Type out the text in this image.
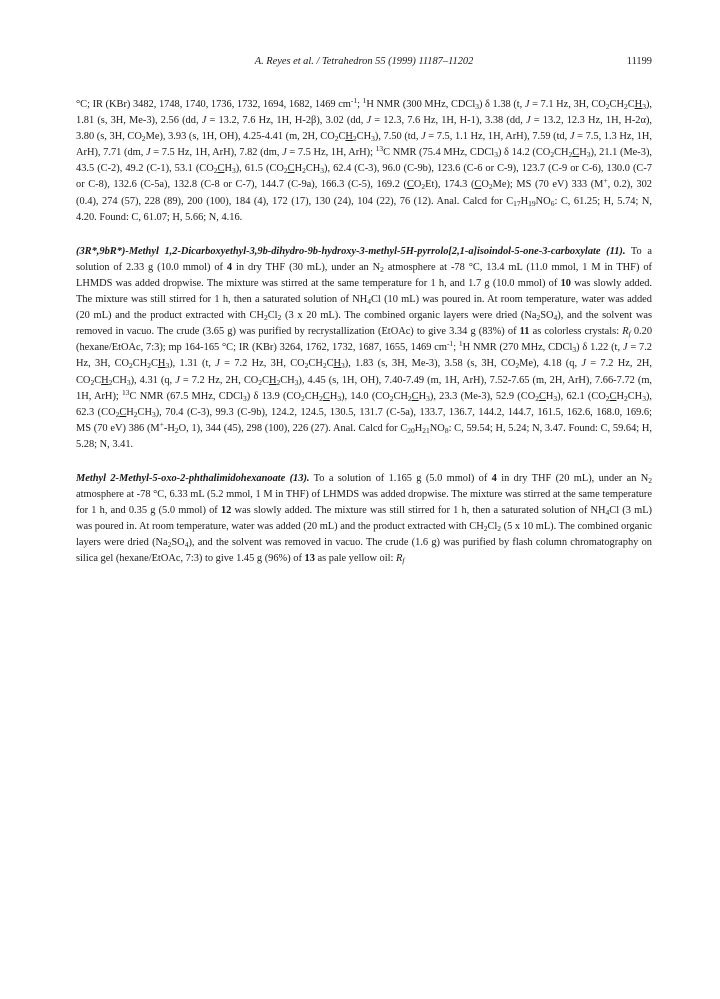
A. Reyes et al. / Tetrahedron 55 (1999) 11187–11202	11199

°C; IR (KBr) 3482, 1748, 1740, 1736, 1732, 1694, 1682, 1469 $cm^{-1}$; $^1$H NMR (300 MHz, CDCl$_3$) δ 1.38 (t, J = 7.1 Hz, 3H, $CO_2CH_2CH_3$), 1.81 (s, 3H, Me-3), 2.56 (dd, J = 13.2, 7.6 Hz, 1H, H-2β), 3.02 (dd, J = 12.3, 7.6 Hz, 1H, H-1), 3.38 (dd, J = 13.2, 12.3 Hz, 1H, H-2α), 3.80 (s, 3H, $CO_2Me$), 3.93 (s, 1H, OH), 4.25-4.41 (m, 2H, $CO_2CH_2CH_3$), 7.50 (td, J = 7.5, 1.1 Hz, 1H, ArH), 7.59 (td, J = 7.5, 1.3 Hz, 1H, ArH), 7.71 (dm, J = 7.5 Hz, 1H, ArH), 7.82 (dm, J = 7.5 Hz, 1H, ArH); $^{13}$C NMR (75.4 MHz, CDCl$_3$) δ 14.2 $(CO_2CH_2CH_3)$, 21.1 (Me-3), 43.5 (C-2), 49.2 (C-1), 53.1 $(CO_2CH_3)$, 61.5 $(CO_2CH_2CH_3)$, 62.4 (C-3), 96.0 (C-9b), 123.6 (C-6 or C-9), 123.7 (C-9 or C-6), 130.0 (C-7 or C-8), 132.6 (C-5a), 132.8 (C-8 or C-7), 144.7 (C-9a), 166.3 (C-5), 169.2 $(CO_2Et)$, 174.3 $(CO_2Me)$; MS (70 eV) 333 (M+, 0.2), 302 (0.4), 274 (57), 228 (89), 200 (100), 184 (4), 172 (17), 130 (24), 104 (22), 76 (12). Anal. Calcd for $C_{17}H_{19}NO_6$: C, 61.25; H, 5.74; N, 4.20. Found: C, 61.07; H, 5.66; N, 4.16.

(3R*,9bR*)-Methyl 1,2-Dicarboxyethyl-3,9b-dihydro-9b-hydroxy-3-methyl-5H-pyrrolo[2,1-a]isoindol-5-one-3-carboxylate (11). To a solution of 2.33 g (10.0 mmol) of 4 in dry THF (30 mL), under an $N_2$ atmosphere at -78 °C, 13.4 mL (11.0 mmol, 1 M in THF) of LHMDS was added dropwise. The mixture was stirred at the same temperature for 1 h, and 1.7 g (10.0 mmol) of 10 was slowly added. The mixture was still stirred for 1 h, then a saturated solution of $NH_4Cl$ (10 mL) was poured in. At room temperature, water was added (20 mL) and the product extracted with $CH_2Cl_2$ (3 x 20 mL). The combined organic layers were dried $(Na_2SO_4)$, and the solvent was removed in vacuo. The crude (3.65 g) was purified by recrystallization (EtOAc) to give 3.34 g (83%) of 11 as colorless crystals: $R_f$ 0.20 (hexane/EtOAc, 7:3); mp 164-165 °C; IR (KBr) 3264, 1762, 1732, 1687, 1655, 1469 $cm^{-1}$; $^1$H NMR (270 MHz, CDCl$_3$) δ 1.22 (t, J = 7.2 Hz, 3H, $CO_2CH_2CH_3$), 1.31 (t, J = 7.2 Hz, 3H, $CO_2CH_2CH_3$), 1.83 (s, 3H, Me-3), 3.58 (s, 3H, $CO_2Me$), 4.18 (q, J = 7.2 Hz, 2H, $CO_2CH_2CH_3$), 4.31 (q, J = 7.2 Hz, 2H, $CO_2CH_2CH_3$), 4.45 (s, 1H, OH), 7.40-7.49 (m, 1H, ArH), 7.52-7.65 (m, 2H, ArH), 7.66-7.72 (m, 1H, ArH); $^{13}$C NMR (67.5 MHz, CDCl$_3$) δ 13.9 $(CO_2CH_2CH_3)$, 14.0 $(CO_2CH_2CH_3)$, 23.3 (Me-3), 52.9 $(CO_2CH_3)$, 62.1 $(CO_2CH_2CH_3)$, 62.3 $(CO_2CH_2CH_3)$, 70.4 (C-3), 99.3 (C-9b), 124.2, 124.5, 130.5, 131.7 (C-5a), 133.7, 136.7, 144.2, 144.7, 161.5, 162.6, 168.0, 169.6; MS (70 eV) 386 ($M^+-H_2O$, 1), 344 (45), 298 (100), 226 (27). Anal. Calcd for $C_{20}H_{21}NO_8$: C, 59.54; H, 5.24; N, 3.47. Found: C, 59.64; H, 5.28; N, 3.41.

Methyl 2-Methyl-5-oxo-2-phthalimidohexanoate (13). To a solution of 1.165 g (5.0 mmol) of 4 in dry THF (20 mL), under an $N_2$ atmosphere at -78 °C, 6.33 mL (5.2 mmol, 1 M in THF) of LHMDS was added dropwise. The mixture was stirred at the same temperature for 1 h, and 0.35 g (5.0 mmol) of 12 was slowly added. The mixture was still stirred for 1 h, then a saturated solution of $NH_4Cl$ (3 mL) was poured in. At room temperature, water was added (20 mL) and the product extracted with $CH_2Cl_2$ (5 x 10 mL). The combined organic layers were dried $(Na_2SO_4)$, and the solvent was removed in vacuo. The crude (1.6 g) was purified by flash column chromatography on silica gel (hexane/EtOAc, 7:3) to give 1.45 g (96%) of 13 as pale yellow oil: $R_f$
